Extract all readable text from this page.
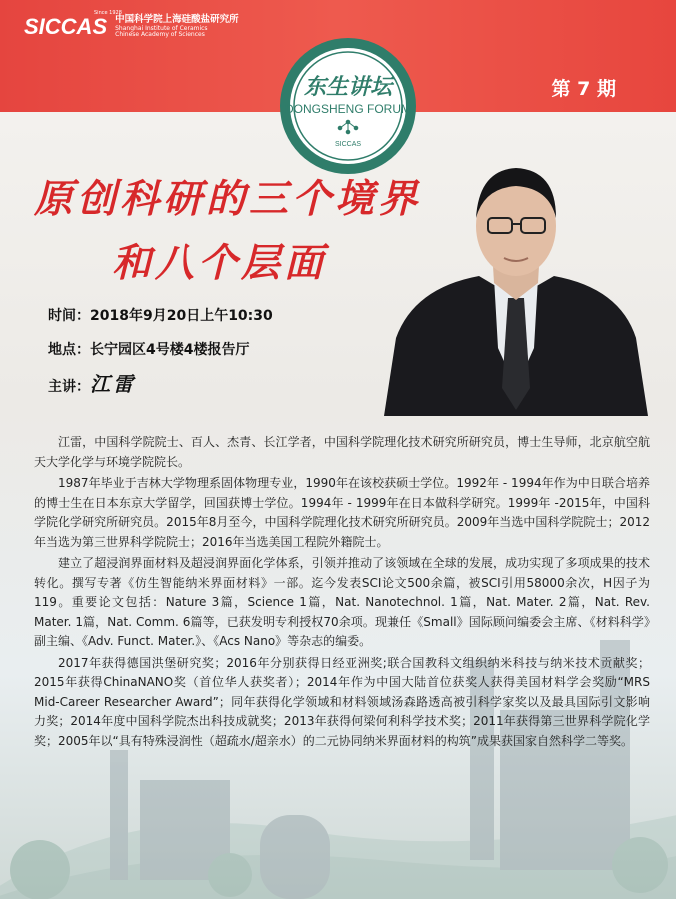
Since 1928
SICCAS 中国科学院上海硅酸盐研究所
Shanghai Institute of Ceramics
Chinese Academy of Sciences
第 7 期
东生讲坛
DONGSHENG FORUM
SICCAS
原创科研的三个境界
和八个层面
时间：2018年9月20日上午10:30
地点：长宁园区4号楼4楼报告厅
主讲：江雷

江雷，中国科学院院士、百人、杰青、长江学者，中国科学院理化技术研究所研究员，博士生导师，北京航空航天大学化学与环境学院院长。

1987年毕业于吉林大学物理系固体物理专业，1990年在该校获硕士学位。1992年 - 1994年作为中日联合培养的博士生在日本东京大学留学，回国获博士学位。1994年 - 1999年在日本做科学研究。1999年 -2015年，中国科学院化学研究所研究员。2015年8月至今，中国科学院理化技术研究所研究员。2009年当选中国科学院院士；2012年当选为第三世界科学院院士；2016年当选美国工程院外籍院士。

建立了超浸润界面材料及超浸润界面化学体系，引领并推动了该领域在全球的发展，成功实现了多项成果的技术转化。撰写专著《仿生智能纳米界面材料》一部。迄今发表SCI论文500余篇，被SCI引用58000余次，H因子为119。重要论文包括：Nature 3篇，Science 1篇，Nat. Nanotechnol. 1篇，Nat. Mater. 2篇，Nat. Rev. Mater. 1篇，Nat. Comm. 6篇等，已获发明专利授权70余项。现兼任《Small》国际顾问编委会主席、《材料科学》副主编、《Adv. Funct. Mater.》、《Acs Nano》等杂志的编委。

2017年获得德国洪堡研究奖；2016年分别获得日经亚洲奖;联合国教科文组织纳米科技与纳米技术贡献奖；2015年获得ChinaNANO奖（首位华人获奖者）；2014年作为中国大陆首位获奖人获得美国材料学会奖励“MRS Mid-Career Researcher Award”；同年获得化学领域和材料领域汤森路透高被引科学家奖以及最具国际引文影响力奖；2014年度中国科学院杰出科技成就奖；2013年获得何梁何利科学技术奖；2011年获得第三世界科学院化学奖；2005年以“具有特殊浸润性（超疏水/超亲水）的二元协同纳米界面材料的构筑”成果获国家自然科学二等奖。
